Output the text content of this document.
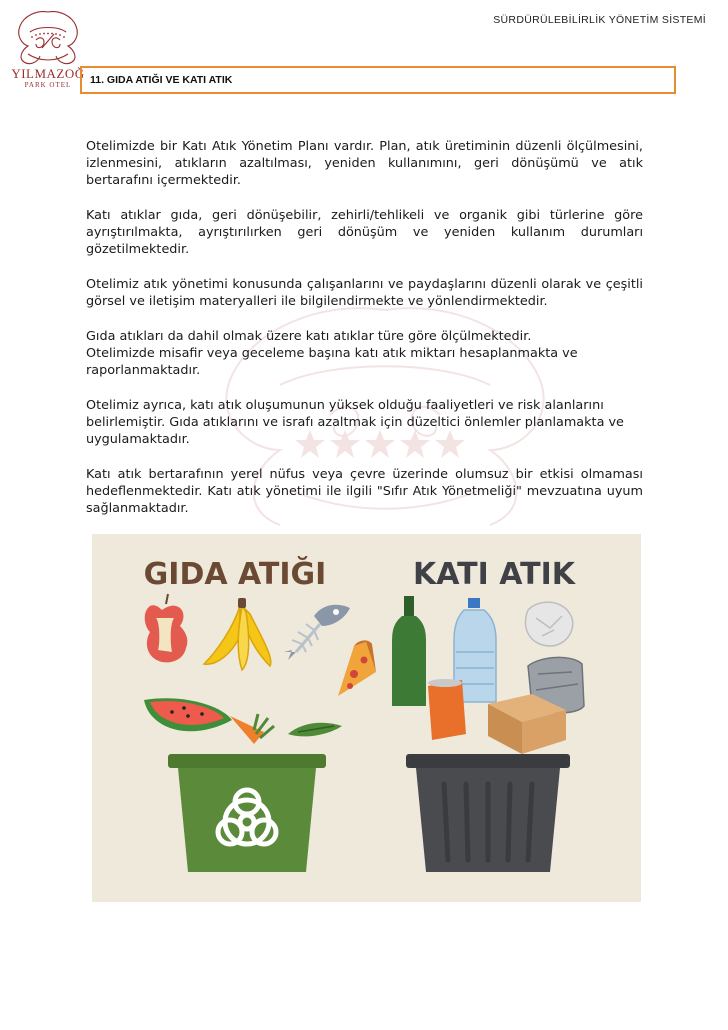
YILMAZOĞ
PARK OTEL
SÜRDÜRÜLEBİLİRLİK YÖNETİM SİSTEMİ
11. GIDA ATIĞI VE KATI ATIK

Otelimizde bir Katı Atık Yönetim Planı vardır. Plan, atık üretiminin düzenli ölçülmesini, izlenmesini, atıkların azaltılması, yeniden kullanımını, geri dönüşümü ve atık bertarafını içermektedir.

Katı atıklar gıda, geri dönüşebilir, zehirli/tehlikeli ve organik gibi türlerine göre ayrıştırılmakta, ayrıştırılırken geri dönüşüm ve yeniden kullanım durumları gözetilmektedir.

Otelimiz atık yönetimi konusunda çalışanlarını ve paydaşlarını düzenli olarak ve çeşitli görsel ve iletişim materyalleri ile bilgilendirmekte ve yönlendirmektedir.

Gıda atıkları da dahil olmak üzere katı atıklar türe göre ölçülmektedir.
Otelimizde misafir veya geceleme başına katı atık miktarı hesaplanmakta ve raporlanmaktadır.

Otelimiz ayrıca, katı atık oluşumunun yüksek olduğu faaliyetleri ve risk alanlarını belirlemiştir. Gıda atıklarını ve israfı azaltmak için düzeltici önlemler planlamakta ve uygulamaktadır.

Katı atık bertarafının yerel nüfus veya çevre üzerinde olumsuz bir etkisi olmaması hedeflenmektedir. Katı atık yönetimi ile ilgili "Sıfır Atık Yönetmeliği" mevzuatına uyum sağlanmaktadır.

GIDA ATIĞI	KATI ATIK
